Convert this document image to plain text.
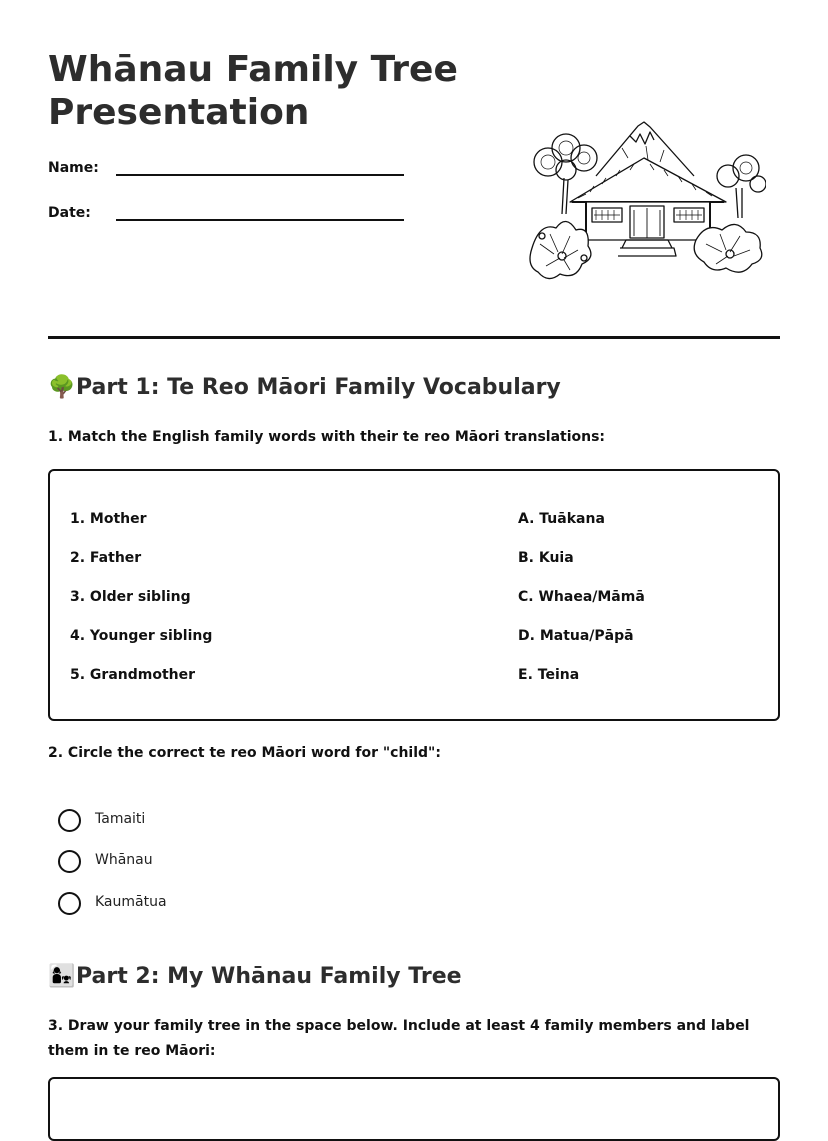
Whānau Family Tree
Presentation
Name:
Date:
🌳Part 1: Te Reo Māori Family Vocabulary

1. Match the English family words with their te reo Māori translations:

1. Mother
2. Father
3. Older sibling
4. Younger sibling
5. Grandmother
A. Tuākana
B. Kuia
C. Whaea/Māmā
D. Matua/Pāpā
E. Teina

2. Circle the correct te reo Māori word for "child":

Tamaiti
Whānau
Kaumātua
👩‍👧Part 2: My Whānau Family Tree

3. Draw your family tree in the space below. Include at least 4 family members and label them in te reo Māori:
